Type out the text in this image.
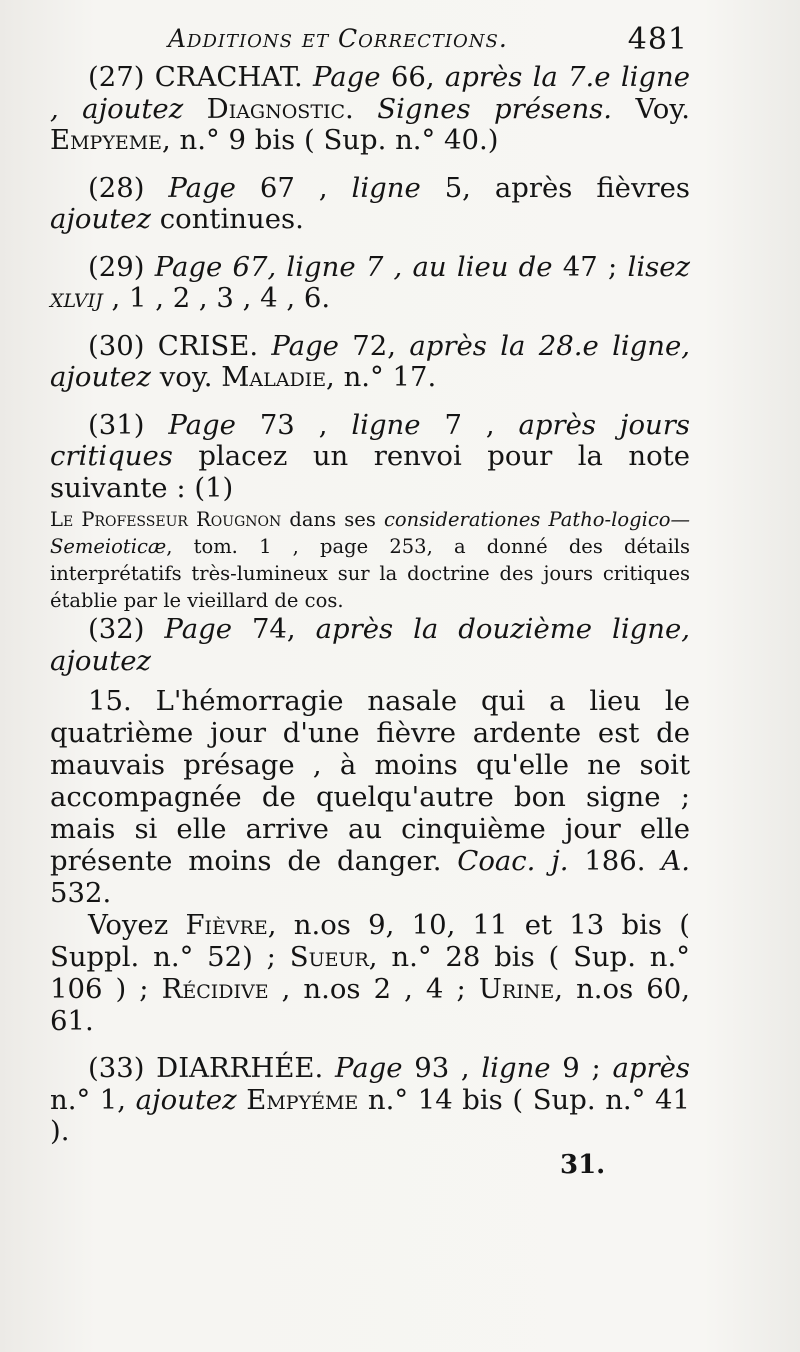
Additions et Corrections.	481

(27) CRACHAT. Page 66, après la 7.e ligne , ajoutez Diagnostic. Signes présens. Voy. Empyeme, n.° 9 bis ( Sup. n.° 40.)

(28) Page 67 , ligne 5, après fièvres ajoutez continues.

(29) Page 67, ligne 7 , au lieu de 47 ; lisez xlvij , 1 , 2 , 3 , 4 , 6.

(30) CRISE. Page 72, après la 28.e ligne, ajoutez voy. Maladie, n.° 17.

(31) Page 73 , ligne 7 , après jours critiques placez un renvoi pour la note suivante : (1)

Le Professeur Rougnon dans ses considerationes Patho-logico—Semeioticæ, tom. 1 , page 253, a donné des détails interprétatifs très-lumineux sur la doctrine des jours critiques établie par le vieillard de cos.

(32) Page 74, après la douzième ligne, ajoutez

15. L'hémorragie nasale qui a lieu le quatrième jour d'une fièvre ardente est de mauvais présage , à moins qu'elle ne soit accompagnée de quelqu'autre bon signe ; mais si elle arrive au cinquième jour elle présente moins de danger. Coac. j. 186. A. 532.

Voyez Fièvre, n.os 9, 10, 11 et 13 bis ( Suppl. n.° 52) ; Sueur, n.° 28 bis ( Sup. n.° 106 ) ; Récidive , n.os 2 , 4 ; Urine, n.os 60, 61.

(33) DIARRHÉE. Page 93 , ligne 9 ; après n.° 1, ajoutez Empyéme n.° 14 bis ( Sup. n.° 41 ).

31.
